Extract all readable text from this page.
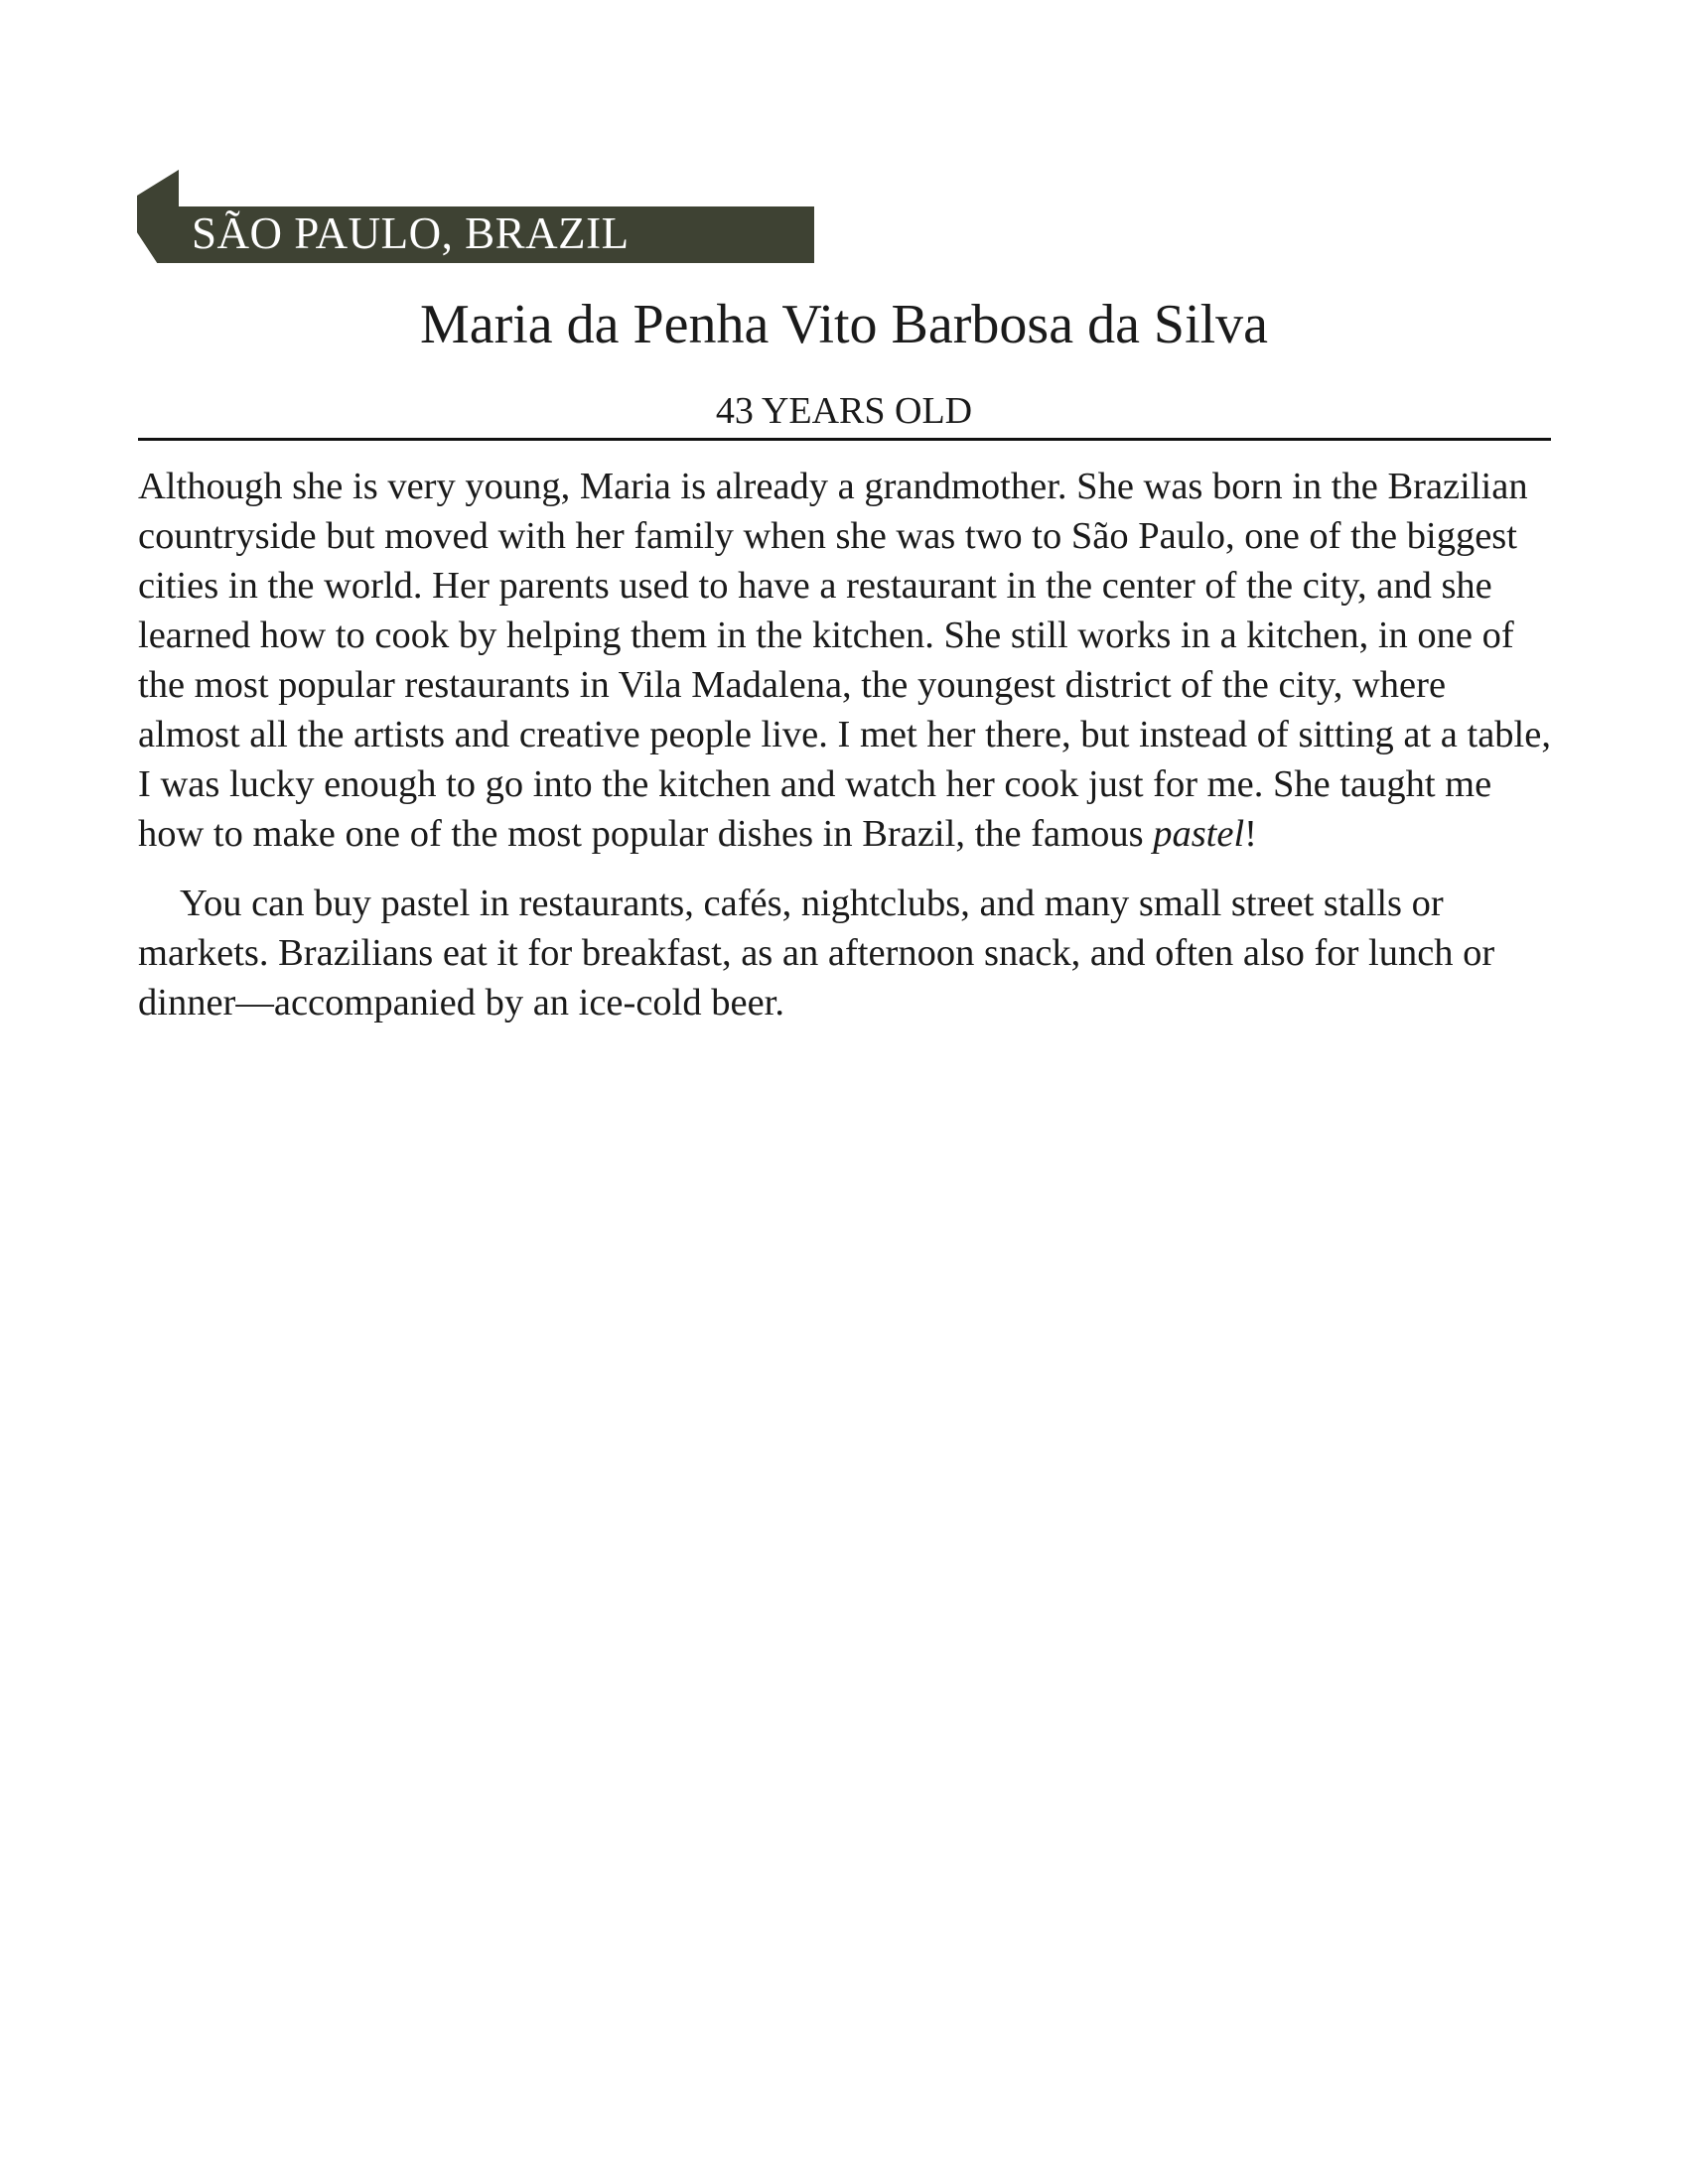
SÃO PAULO, BRAZIL
Maria da Penha Vito Barbosa da Silva
43 YEARS OLD

Although she is very young, Maria is already a grandmother. She was born in the Brazilian countryside but moved with her family when she was two to São Paulo, one of the biggest cities in the world. Her parents used to have a restaurant in the center of the city, and she learned how to cook by helping them in the kitchen. She still works in a kitchen, in one of the most popular restaurants in Vila Madalena, the youngest district of the city, where almost all the artists and creative people live. I met her there, but instead of sitting at a table, I was lucky enough to go into the kitchen and watch her cook just for me. She taught me how to make one of the most popular dishes in Brazil, the famous pastel!

You can buy pastel in restaurants, cafés, nightclubs, and many small street stalls or markets. Brazilians eat it for breakfast, as an afternoon snack, and often also for lunch or dinner—accompanied by an ice-cold beer.
